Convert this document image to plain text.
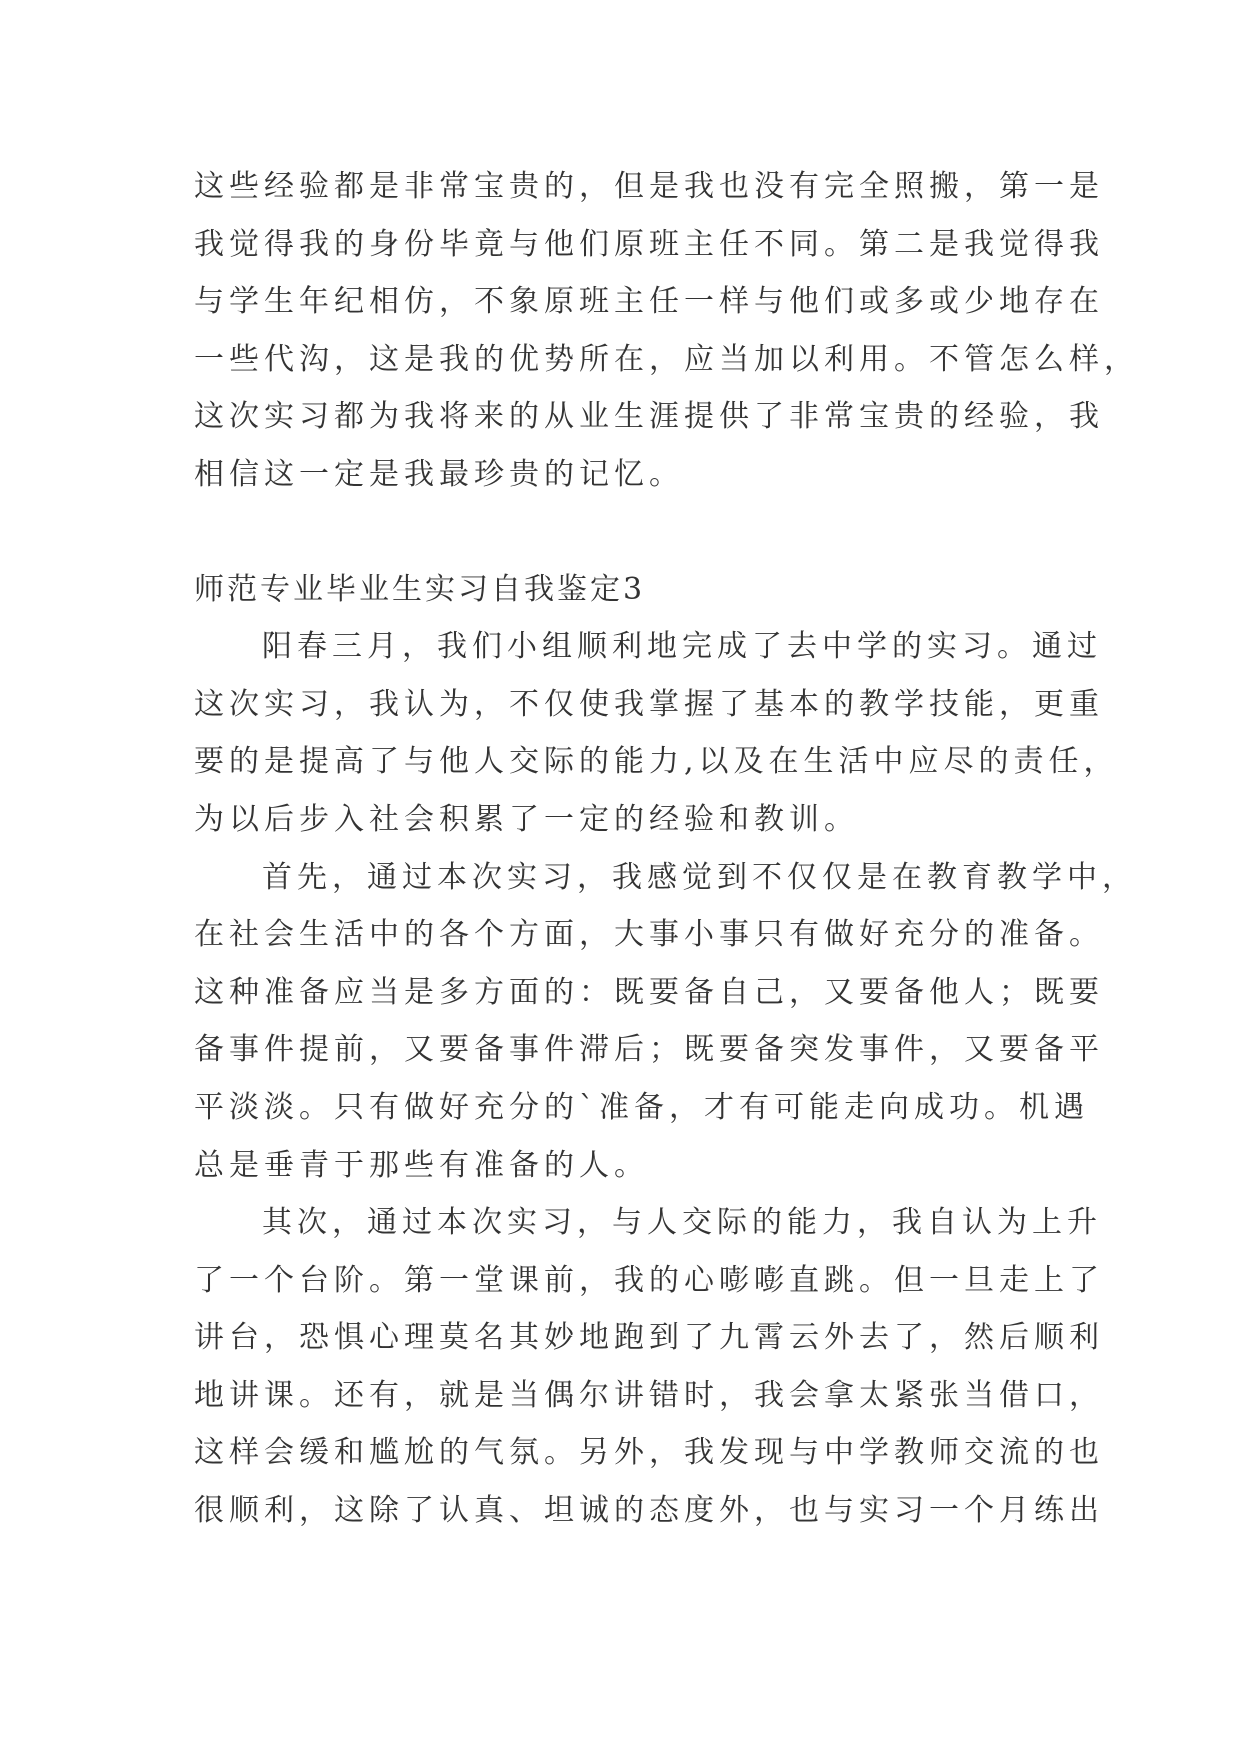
这些经验都是非常宝贵的，但是我也没有完全照搬，第一是
我觉得我的身份毕竟与他们原班主任不同。第二是我觉得我
与学生年纪相仿，不象原班主任一样与他们或多或少地存在
一些代沟，这是我的优势所在，应当加以利用。不管怎么样，
这次实习都为我将来的从业生涯提供了非常宝贵的经验，我
相信这一定是我最珍贵的记忆。
师范专业毕业生实习自我鉴定3
阳春三月，我们小组顺利地完成了去中学的实习。通过
这次实习，我认为，不仅使我掌握了基本的教学技能，更重
要的是提高了与他人交际的能力,以及在生活中应尽的责任，
为以后步入社会积累了一定的经验和教训。
首先，通过本次实习，我感觉到不仅仅是在教育教学中，
在社会生活中的各个方面，大事小事只有做好充分的准备。
这种准备应当是多方面的：既要备自己，又要备他人；既要
备事件提前，又要备事件滞后；既要备突发事件，又要备平
平淡淡。只有做好充分的`准备，才有可能走向成功。机遇
总是垂青于那些有准备的人。
其次，通过本次实习，与人交际的能力，我自认为上升
了一个台阶。第一堂课前，我的心嘭嘭直跳。但一旦走上了
讲台，恐惧心理莫名其妙地跑到了九霄云外去了，然后顺利
地讲课。还有，就是当偶尔讲错时，我会拿太紧张当借口，
这样会缓和尴尬的气氛。另外，我发现与中学教师交流的也
很顺利，这除了认真、坦诚的态度外，也与实习一个月练出
